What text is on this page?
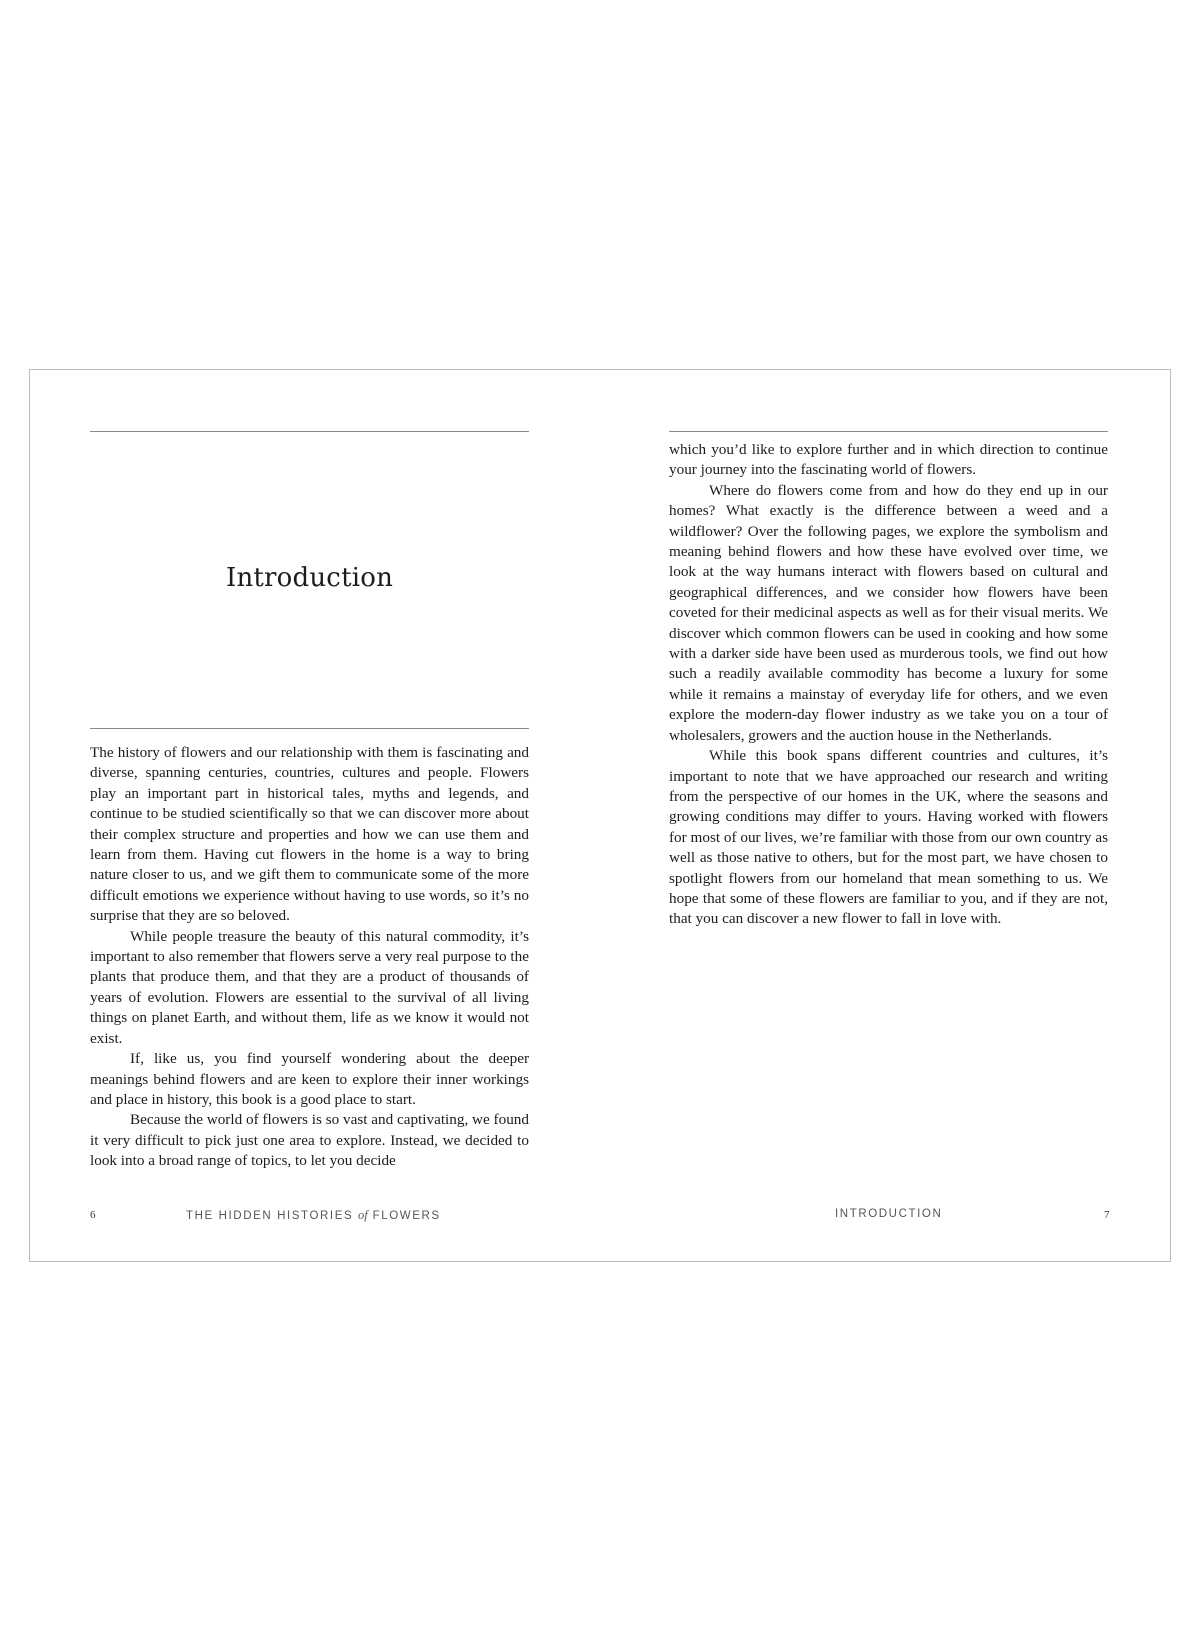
Introduction

The history of flowers and our relationship with them is fascinating and diverse, spanning centuries, countries, cultures and people. Flowers play an important part in historical tales, myths and legends, and continue to be studied scientifically so that we can discover more about their complex structure and properties and how we can use them and learn from them. Having cut flowers in the home is a way to bring nature closer to us, and we gift them to communicate some of the more difficult emotions we experience without having to use words, so it’s no surprise that they are so beloved.

While people treasure the beauty of this natural commodity, it’s important to also remember that flowers serve a very real purpose to the plants that produce them, and that they are a product of thousands of years of evolution. Flowers are essential to the survival of all living things on planet Earth, and without them, life as we know it would not exist.

If, like us, you find yourself wondering about the deeper meanings behind flowers and are keen to explore their inner workings and place in history, this book is a good place to start.

Because the world of flowers is so vast and captivating, we found it very difficult to pick just one area to explore. Instead, we decided to look into a broad range of topics, to let you decide

6	THE HIDDEN HISTORIES of FLOWERS

which you’d like to explore further and in which direction to continue your journey into the fascinating world of flowers.

Where do flowers come from and how do they end up in our homes? What exactly is the difference between a weed and a wildflower? Over the following pages, we explore the symbolism and meaning behind flowers and how these have evolved over time, we look at the way humans interact with flowers based on cultural and geographical differences, and we consider how flowers have been coveted for their medicinal aspects as well as for their visual merits. We discover which common flowers can be used in cooking and how some with a darker side have been used as murderous tools, we find out how such a readily available commodity has become a luxury for some while it remains a mainstay of everyday life for others, and we even explore the modern-day flower industry as we take you on a tour of wholesalers, growers and the auction house in the Netherlands.

While this book spans different countries and cultures, it’s important to note that we have approached our research and writing from the perspective of our homes in the UK, where the seasons and growing conditions may differ to yours. Having worked with flowers for most of our lives, we’re familiar with those from our own country as well as those native to others, but for the most part, we have chosen to spotlight flowers from our homeland that mean something to us. We hope that some of these flowers are familiar to you, and if they are not, that you can discover a new flower to fall in love with.

INTRODUCTION	7
